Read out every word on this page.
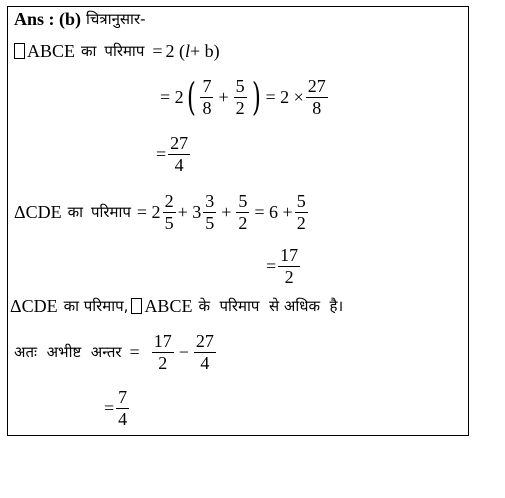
Ans : (b) चित्रानुसार-
ABCE का परिमाप = 2 ( l + b)
= 2 ( $\frac{7}{8} + \frac{5}{2}$ ) = $2 \times \frac{27}{8}$
= $\frac{27}{4}$
ΔCDE का परिमाप = $2 \frac{2}{5} + 3 \frac{3}{5} + \frac{5}{2} = 6 + \frac{5}{2}$
= $\frac{17}{2}$
ΔCDE का परिमाप, ABCE के  परिमाप  से अधिक  है।
अतः  अभीष्ट  अन्तर = $\frac{17}{2} - \frac{27}{4}$
= $\frac{7}{4}$
